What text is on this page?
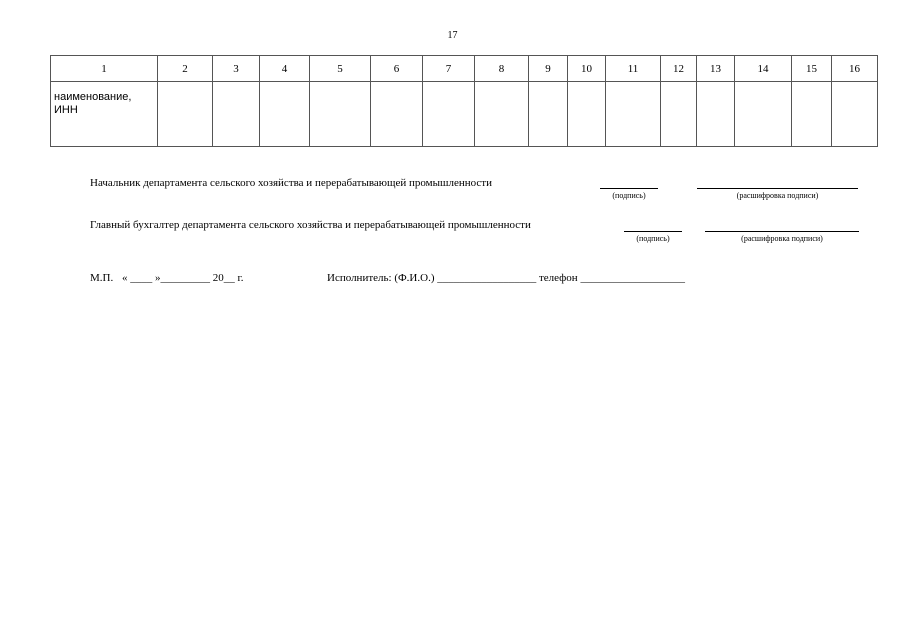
17
1	2	3	4	5	6	7	8	9	10	11	12	13	14	15	16

наименование,
ИНН															

Начальник департамента сельского хозяйства и перерабатывающей промышленности
(подпись)	(расшифровка подписи)
Главный бухгалтер департамента сельского хозяйства и перерабатывающей промышленности
(подпись)	(расшифровка подписи)
М.П. « ____ »_________ 20__ г.	Исполнитель: (Ф.И.О.) __________________ телефон ___________________
